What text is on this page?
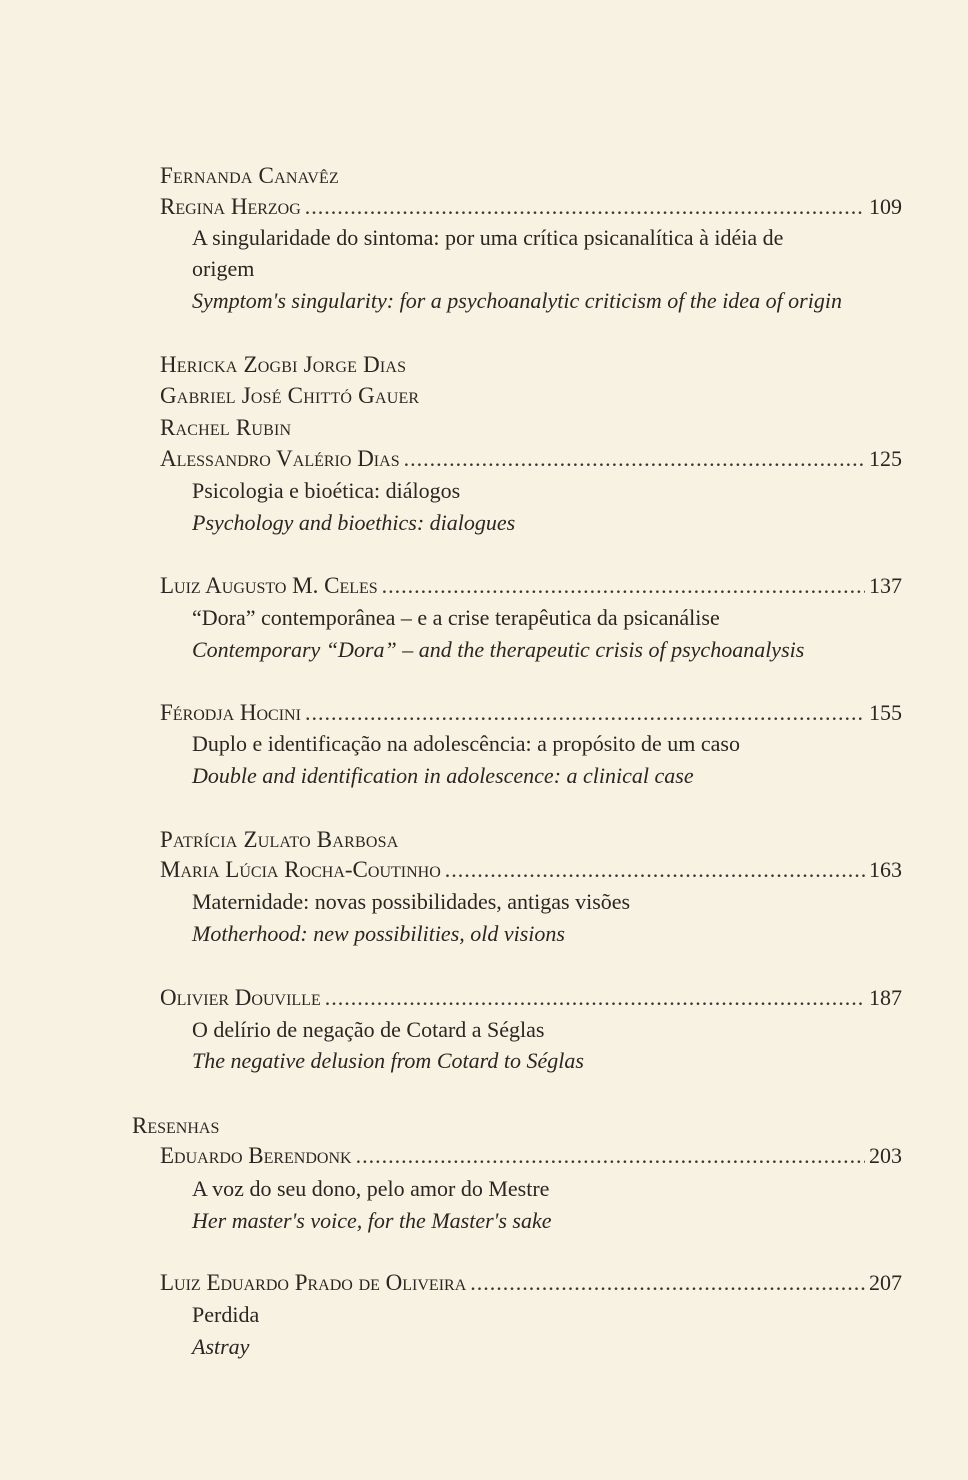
Fernanda Canavêz
Regina Herzog .....	109
A singularidade do sintoma: por uma crítica psicanalítica à idéia de
origem
Symptom's singularity: for a psychoanalytic criticism of the idea of origin
Hericka Zogbi Jorge Dias
Gabriel José Chittó Gauer
Rachel Rubin
Alessandro Valério Dias .....	125
Psicologia e bioética: diálogos
Psychology and bioethics: dialogues
Luiz Augusto M. Celes .....	137
“Dora” contemporânea – e a crise terapêutica da psicanálise
Contemporary “Dora” – and the therapeutic crisis of psychoanalysis
Férodja Hocini .....	155
Duplo e identificação na adolescência: a propósito de um caso
Double and identification in adolescence: a clinical case
Patrícia Zulato Barbosa
Maria Lúcia Rocha-Coutinho .....	163
Maternidade: novas possibilidades, antigas visões
Motherhood: new possibilities, old visions
Olivier Douville .....	187
O delírio de negação de Cotard a Séglas
The negative delusion from Cotard to Séglas
Resenhas
Eduardo Berendonk .....	203
A voz do seu dono, pelo amor do Mestre
Her master's voice, for the Master's sake
Luiz Eduardo Prado de Oliveira .....	207
Perdida
Astray
